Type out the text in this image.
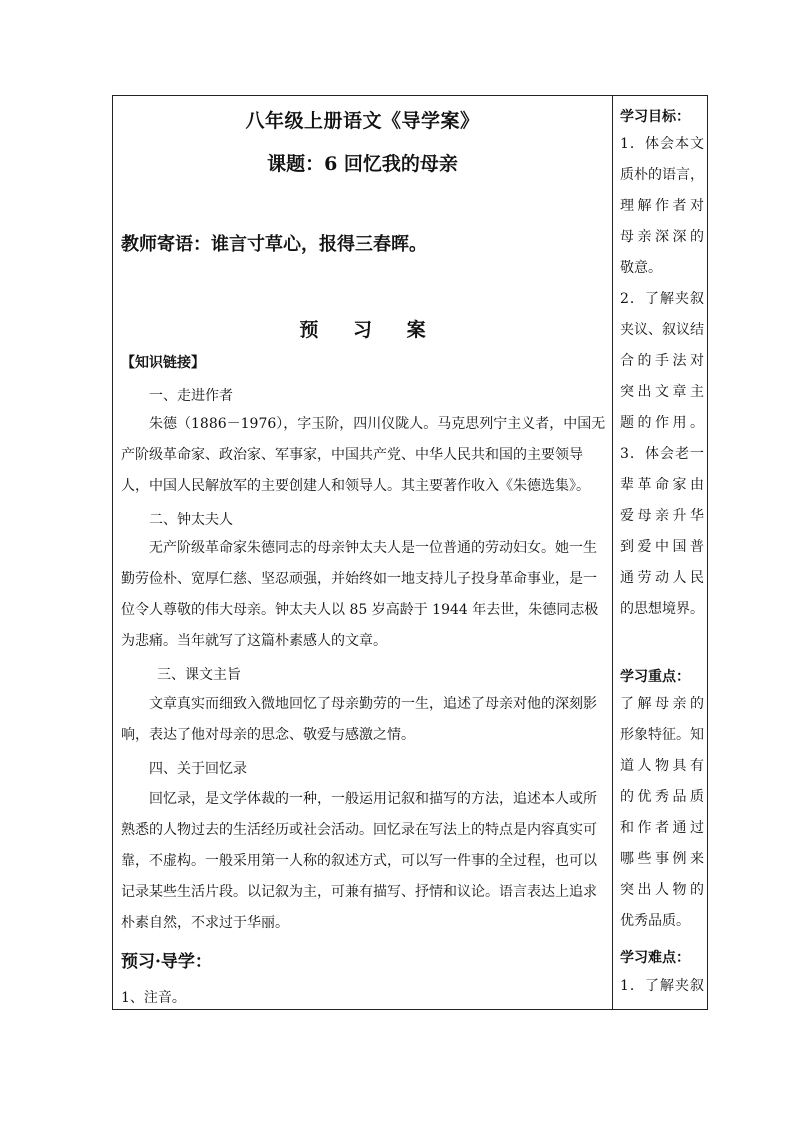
八年级上册语文《导学案》
课题：6 回忆我的母亲
教师寄语：谁言寸草心，报得三春晖。
预 习 案
【知识链接】
一、走进作者

朱德（1886－1976），字玉阶，四川仪陇人。马克思列宁主义者，中国无产阶级革命家、政治家、军事家，中国共产党、中华人民共和国的主要领导人，中国人民解放军的主要创建人和领导人。其主要著作收入《朱德选集》。

二、钟太夫人

无产阶级革命家朱德同志的母亲钟太夫人是一位普通的劳动妇女。她一生勤劳俭朴、宽厚仁慈、坚忍顽强，并始终如一地支持儿子投身革命事业，是一位令人尊敬的伟大母亲。钟太夫人以 85 岁高龄于 1944 年去世，朱德同志极为悲痛。当年就写了这篇朴素感人的文章。

三、课文主旨

文章真实而细致入微地回忆了母亲勤劳的一生，追述了母亲对他的深刻影响，表达了他对母亲的思念、敬爱与感激之情。

四、关于回忆录

回忆录，是文学体裁的一种，一般运用记叙和描写的方法，追述本人或所熟悉的人物过去的生活经历或社会活动。回忆录在写法上的特点是内容真实可靠，不虚构。一般采用第一人称的叙述方式，可以写一件事的全过程，也可以记录某些生活片段。以记叙为主，可兼有描写、抒情和议论。语言表达上追求朴素自然，不求过于华丽。

预习·导学：
1、注音。
学习目标：
1．体会本文
质朴的语言，
理解作者对
母亲深深的
敬意。
2．了解夹叙
夹议、叙议结
合的手法对
突出文章主
题的作用。
3．体会老一
辈革命家由
爱母亲升华
到爱中国普
通劳动人民
的思想境界。
学习重点：
了解母亲的
形象特征。知
道人物具有
的优秀品质
和作者通过
哪些事例来
突出人物的
优秀品质。
学习难点：
1．了解夹叙
